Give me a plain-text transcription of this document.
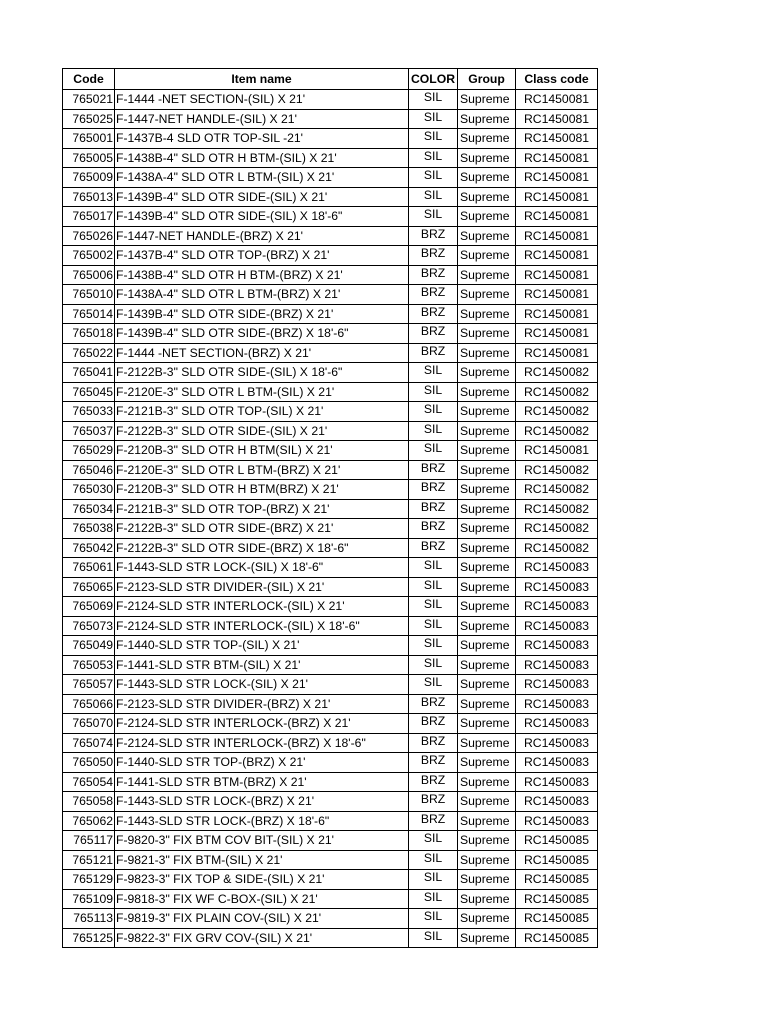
Code	Item name	COLOR	Group	Class code
765021	F-1444 -NET SECTION-(SIL) X 21'	SIL	Supreme	RC1450081
765025	F-1447-NET HANDLE-(SIL) X 21'	SIL	Supreme	RC1450081
765001	F-1437B-4 SLD OTR TOP-SIL -21'	SIL	Supreme	RC1450081
765005	F-1438B-4" SLD OTR H BTM-(SIL) X 21'	SIL	Supreme	RC1450081
765009	F-1438A-4" SLD OTR L BTM-(SIL) X 21'	SIL	Supreme	RC1450081
765013	F-1439B-4" SLD OTR SIDE-(SIL) X 21'	SIL	Supreme	RC1450081
765017	F-1439B-4" SLD OTR SIDE-(SIL) X 18'-6"	SIL	Supreme	RC1450081
765026	F-1447-NET HANDLE-(BRZ) X 21'	BRZ	Supreme	RC1450081
765002	F-1437B-4" SLD OTR TOP-(BRZ) X 21'	BRZ	Supreme	RC1450081
765006	F-1438B-4" SLD OTR H BTM-(BRZ) X 21'	BRZ	Supreme	RC1450081
765010	F-1438A-4" SLD OTR L BTM-(BRZ) X 21'	BRZ	Supreme	RC1450081
765014	F-1439B-4" SLD OTR SIDE-(BRZ) X 21'	BRZ	Supreme	RC1450081
765018	F-1439B-4" SLD OTR SIDE-(BRZ) X 18'-6"	BRZ	Supreme	RC1450081
765022	F-1444 -NET SECTION-(BRZ) X 21'	BRZ	Supreme	RC1450081
765041	F-2122B-3" SLD OTR SIDE-(SIL) X 18'-6"	SIL	Supreme	RC1450082
765045	F-2120E-3" SLD OTR L BTM-(SIL) X 21'	SIL	Supreme	RC1450082
765033	F-2121B-3" SLD OTR TOP-(SIL) X 21'	SIL	Supreme	RC1450082
765037	F-2122B-3" SLD OTR SIDE-(SIL) X 21'	SIL	Supreme	RC1450082
765029	F-2120B-3" SLD OTR H BTM(SIL) X 21'	SIL	Supreme	RC1450081
765046	F-2120E-3" SLD OTR L BTM-(BRZ) X 21'	BRZ	Supreme	RC1450082
765030	F-2120B-3" SLD OTR H BTM(BRZ) X 21'	BRZ	Supreme	RC1450082
765034	F-2121B-3" SLD OTR TOP-(BRZ) X 21'	BRZ	Supreme	RC1450082
765038	F-2122B-3" SLD OTR SIDE-(BRZ) X 21'	BRZ	Supreme	RC1450082
765042	F-2122B-3" SLD OTR SIDE-(BRZ) X 18'-6"	BRZ	Supreme	RC1450082
765061	F-1443-SLD STR LOCK-(SIL) X 18'-6"	SIL	Supreme	RC1450083
765065	F-2123-SLD STR DIVIDER-(SIL) X 21'	SIL	Supreme	RC1450083
765069	F-2124-SLD STR INTERLOCK-(SIL) X 21'	SIL	Supreme	RC1450083
765073	F-2124-SLD STR INTERLOCK-(SIL) X 18'-6"	SIL	Supreme	RC1450083
765049	F-1440-SLD STR TOP-(SIL) X 21'	SIL	Supreme	RC1450083
765053	F-1441-SLD STR BTM-(SIL) X 21'	SIL	Supreme	RC1450083
765057	F-1443-SLD STR LOCK-(SIL) X 21'	SIL	Supreme	RC1450083
765066	F-2123-SLD STR DIVIDER-(BRZ) X 21'	BRZ	Supreme	RC1450083
765070	F-2124-SLD STR INTERLOCK-(BRZ) X 21'	BRZ	Supreme	RC1450083
765074	F-2124-SLD STR INTERLOCK-(BRZ) X 18'-6"	BRZ	Supreme	RC1450083
765050	F-1440-SLD STR TOP-(BRZ) X 21'	BRZ	Supreme	RC1450083
765054	F-1441-SLD STR BTM-(BRZ) X 21'	BRZ	Supreme	RC1450083
765058	F-1443-SLD STR LOCK-(BRZ) X 21'	BRZ	Supreme	RC1450083
765062	F-1443-SLD STR LOCK-(BRZ) X 18'-6"	BRZ	Supreme	RC1450083
765117	F-9820-3" FIX BTM COV BIT-(SIL) X 21'	SIL	Supreme	RC1450085
765121	F-9821-3" FIX BTM-(SIL) X 21'	SIL	Supreme	RC1450085
765129	F-9823-3" FIX TOP & SIDE-(SIL) X 21'	SIL	Supreme	RC1450085
765109	F-9818-3" FIX WF C-BOX-(SIL) X 21'	SIL	Supreme	RC1450085
765113	F-9819-3" FIX PLAIN COV-(SIL) X 21'	SIL	Supreme	RC1450085
765125	F-9822-3" FIX GRV COV-(SIL) X 21'	SIL	Supreme	RC1450085
